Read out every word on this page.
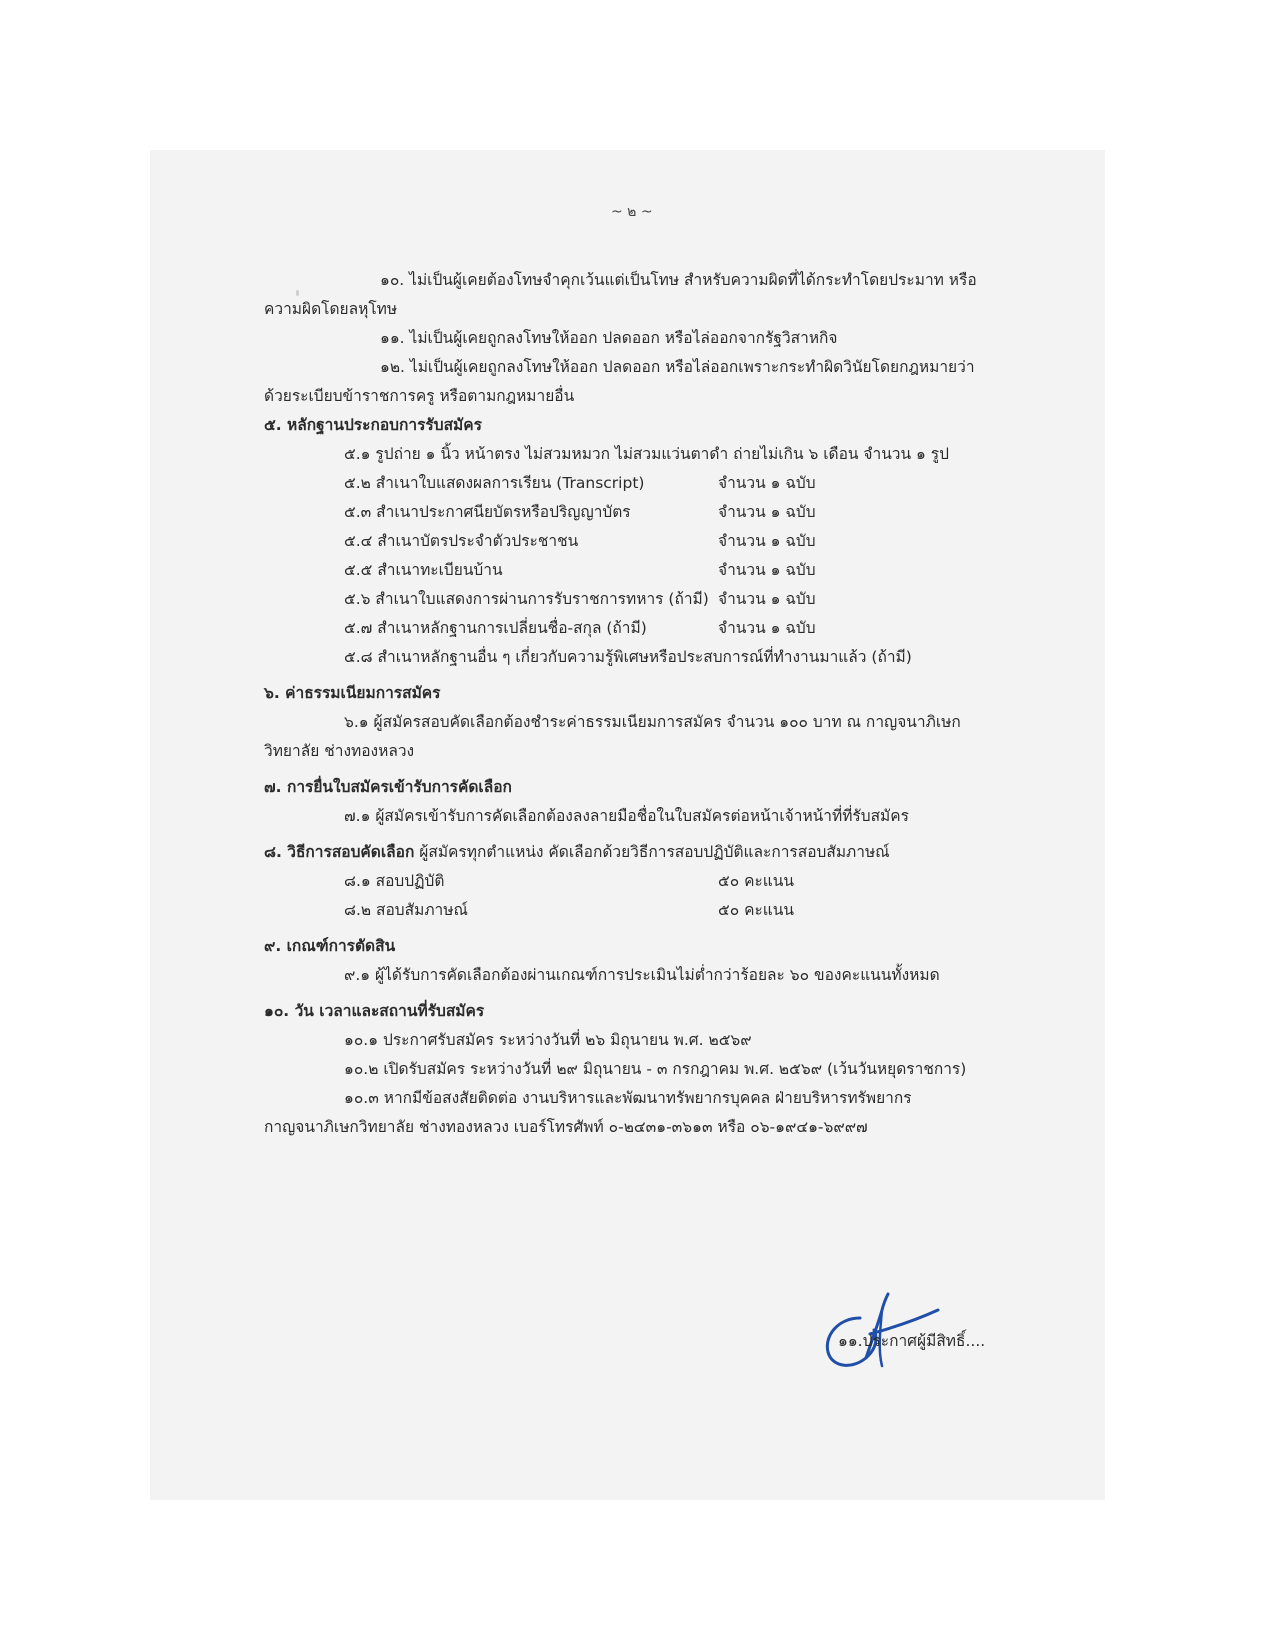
~ ๒ ~
๑๐. ไม่เป็นผู้เคยต้องโทษจำคุกเว้นแต่เป็นโทษ สำหรับความผิดที่ได้กระทำโดยประมาท หรือ
ความผิดโดยลหุโทษ
๑๑. ไม่เป็นผู้เคยถูกลงโทษให้ออก ปลดออก หรือไล่ออกจากรัฐวิสาหกิจ
๑๒. ไม่เป็นผู้เคยถูกลงโทษให้ออก ปลดออก หรือไล่ออกเพราะกระทำผิดวินัยโดยกฎหมายว่า
ด้วยระเบียบข้าราชการครู หรือตามกฎหมายอื่น
๕. หลักฐานประกอบการรับสมัคร
๕.๑ รูปถ่าย ๑ นิ้ว หน้าตรง ไม่สวมหมวก ไม่สวมแว่นตาดำ ถ่ายไม่เกิน ๖ เดือน จำนวน ๑ รูป
๕.๒ สำเนาใบแสดงผลการเรียน (Transcript)	จำนวน ๑ ฉบับ
๕.๓ สำเนาประกาศนียบัตรหรือปริญญาบัตร	จำนวน ๑ ฉบับ
๕.๔ สำเนาบัตรประจำตัวประชาชน	จำนวน ๑ ฉบับ
๕.๕ สำเนาทะเบียนบ้าน	จำนวน ๑ ฉบับ
๕.๖ สำเนาใบแสดงการผ่านการรับราชการทหาร (ถ้ามี) จำนวน ๑ ฉบับ
๕.๗ สำเนาหลักฐานการเปลี่ยนชื่อ-สกุล (ถ้ามี)	จำนวน ๑ ฉบับ
๕.๘ สำเนาหลักฐานอื่น ๆ เกี่ยวกับความรู้พิเศษหรือประสบการณ์ที่ทำงานมาแล้ว (ถ้ามี)
๖. ค่าธรรมเนียมการสมัคร
๖.๑ ผู้สมัครสอบคัดเลือกต้องชำระค่าธรรมเนียมการสมัคร จำนวน ๑๐๐ บาท ณ กาญจนาภิเษก
วิทยาลัย ช่างทองหลวง
๗. การยื่นใบสมัครเข้ารับการคัดเลือก
๗.๑ ผู้สมัครเข้ารับการคัดเลือกต้องลงลายมือชื่อในใบสมัครต่อหน้าเจ้าหน้าที่ที่รับสมัคร
๘. วิธีการสอบคัดเลือก ผู้สมัครทุกตำแหน่ง คัดเลือกด้วยวิธีการสอบปฏิบัติและการสอบสัมภาษณ์
๘.๑ สอบปฏิบัติ	๕๐ คะแนน
๘.๒ สอบสัมภาษณ์	๕๐ คะแนน
๙. เกณฑ์การตัดสิน
๙.๑ ผู้ได้รับการคัดเลือกต้องผ่านเกณฑ์การประเมินไม่ต่ำกว่าร้อยละ ๖๐ ของคะแนนทั้งหมด
๑๐. วัน เวลาและสถานที่รับสมัคร
๑๐.๑ ประกาศรับสมัคร ระหว่างวันที่ ๒๖ มิถุนายน พ.ศ. ๒๕๖๙
๑๐.๒ เปิดรับสมัคร ระหว่างวันที่ ๒๙ มิถุนายน - ๓ กรกฎาคม พ.ศ. ๒๕๖๙ (เว้นวันหยุดราชการ)
๑๐.๓ หากมีข้อสงสัยติดต่อ งานบริหารและพัฒนาทรัพยากรบุคคล ฝ่ายบริหารทรัพยากร
กาญจนาภิเษกวิทยาลัย ช่างทองหลวง เบอร์โทรศัพท์ ๐-๒๔๓๑-๓๖๑๓ หรือ ๐๖-๑๙๔๑-๖๙๙๗
๑๑.ประกาศผู้มีสิทธิ์....
